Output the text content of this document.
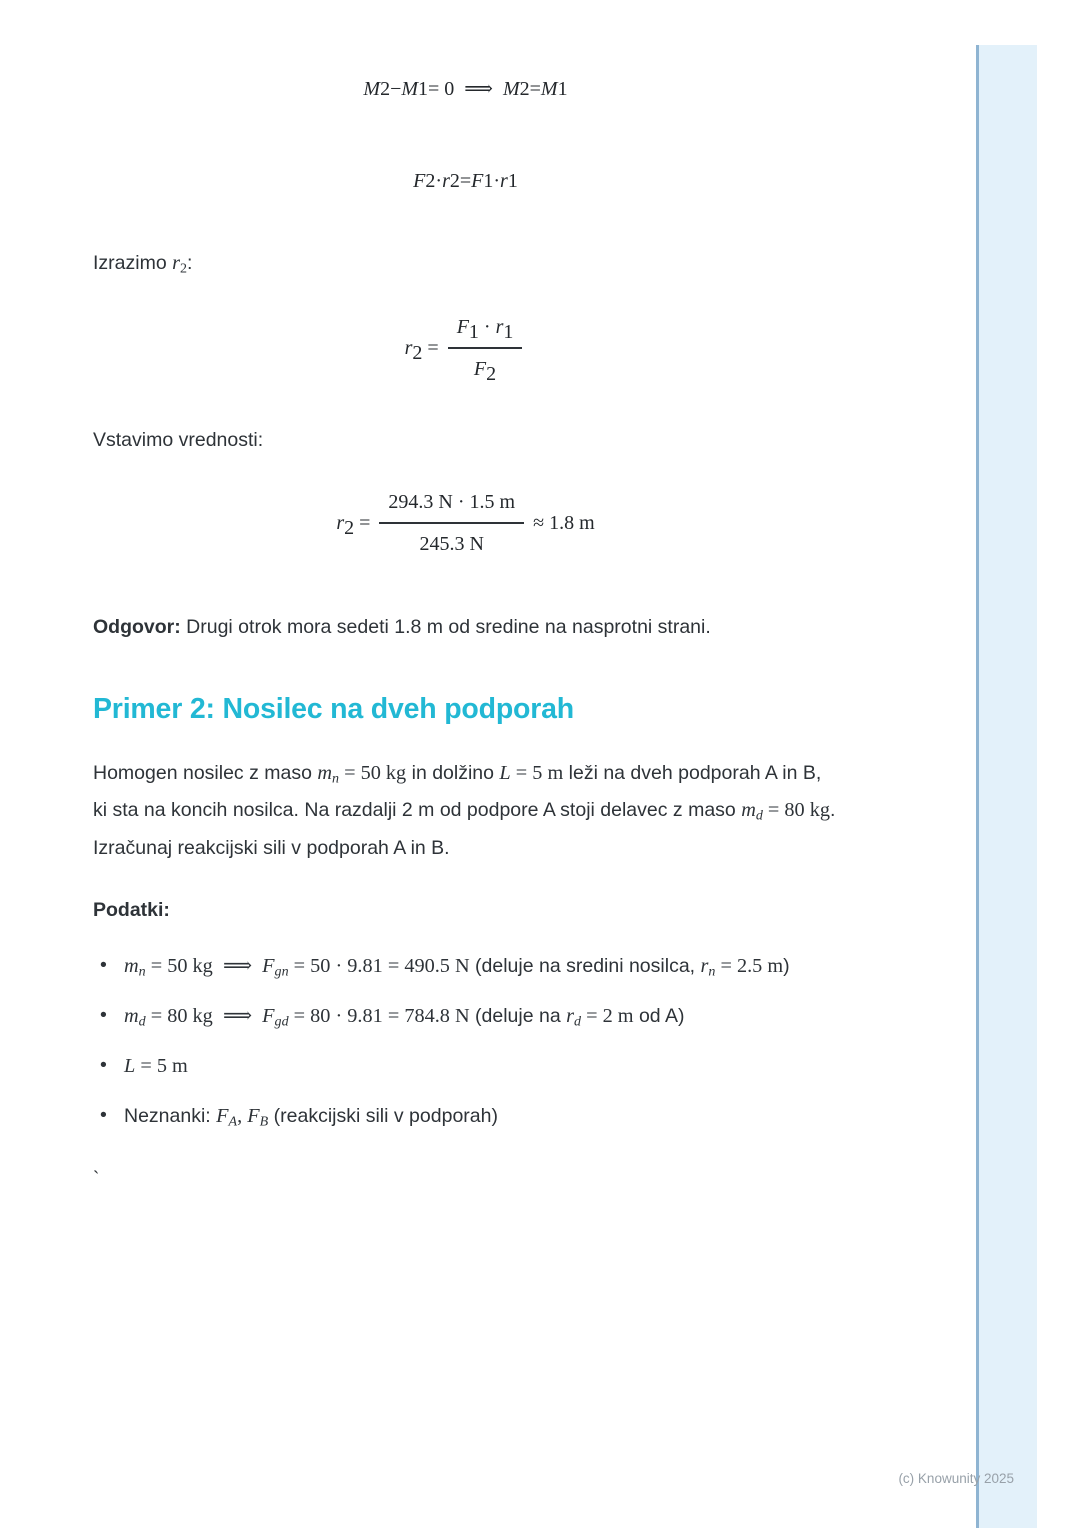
M 2 − M 1 = 0  ⟹  M 2 = M 1
F 2 · r 2 = F 1 · r 1

Izrazimo $r_2$:

$r_2 = \frac{F_1 \cdot r_1}{F_2}$

Vstavimo vrednosti:

$r_2 = \frac{294.3 N \cdot 1.5 m}{245.3 N} \approx 1.8$ m

Odgovor: Drugi otrok mora sedeti 1.8 m od sredine na nasprotni strani.

Primer 2: Nosilec na dveh podporah

Homogen nosilec z maso $m_n = 50$ kg in dolžino L = 5 m leži na dveh podporah A in B, ki sta na koncih nosilca. Na razdalji 2 m od podpore A stoji delavec z maso $m_d = 80$ kg. Izračunaj reakcijski sili v podporah A in B.

Podatki:

• $m_n = 50$ kg ⟹ $F_{gn} = 50 \cdot 9.81 = 490.5$ N (deluje na sredini nosilca, $r_n = 2.5$ m)
• $m_d = 80$ kg ⟹ $F_{gd} = 80 \cdot 9.81 = 784.8$ N (deluje na $r_d = 2$ m od A)
• L = 5 m
• Neznanki: $F_A$, $F_B$ (reakcijski sili v podporah)
`
(c) Knowunity 2025
